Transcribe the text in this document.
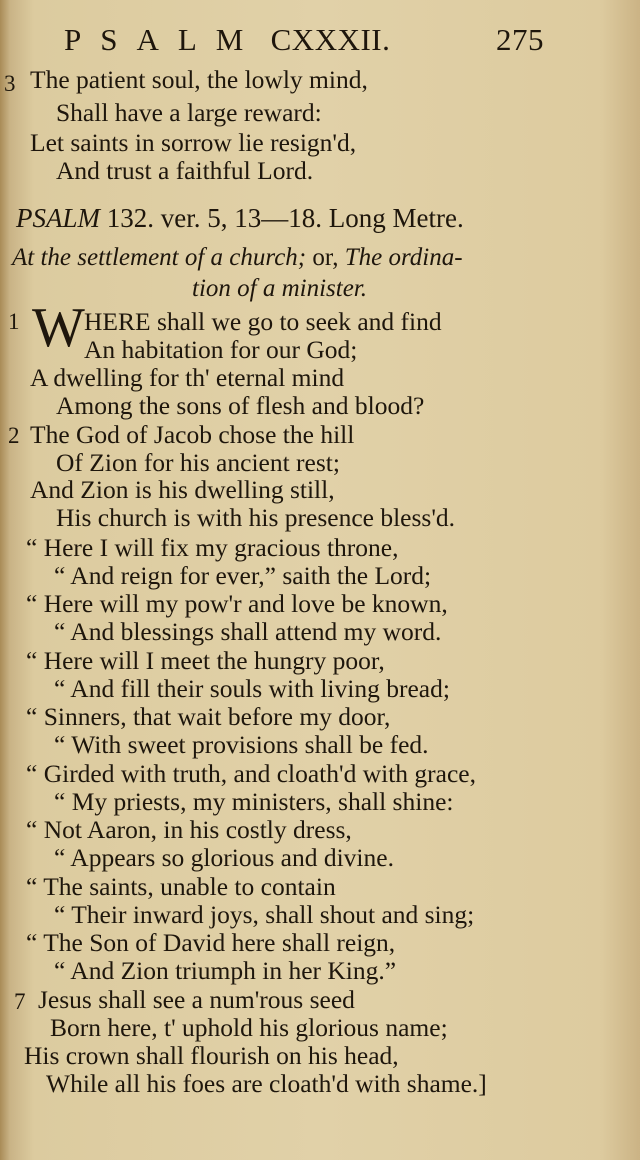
PSALM CXXXII.	275
3 The patient soul, the lowly mind,
Shall have a large reward:
Let saints in sorrow lie resign'd,
And trust a faithful Lord.
PSALM 132. ver. 5, 13—18. Long Metre.
At the settlement of a church; or, The ordina-
tion of a minister.
1 W HERE shall we go to seek and find
An habitation for our God;
A dwelling for th' eternal mind
Among the sons of flesh and blood?
2 The God of Jacob chose the hill
Of Zion for his ancient rest;
And Zion is his dwelling still,
His church is with his presence bless'd.
“ Here I will fix my gracious throne,
“ And reign for ever,” saith the Lord;
“ Here will my pow'r and love be known,
“ And blessings shall attend my word.
“ Here will I meet the hungry poor,
“ And fill their souls with living bread;
“ Sinners, that wait before my door,
“ With sweet provisions shall be fed.
“ Girded with truth, and cloath'd with grace,
“ My priests, my ministers, shall shine:
“ Not Aaron, in his costly dress,
“ Appears so glorious and divine.
“ The saints, unable to contain
“ Their inward joys, shall shout and sing;
“ The Son of David here shall reign,
“ And Zion triumph in her King.”
7 Jesus shall see a num'rous seed
Born here, t' uphold his glorious name;
His crown shall flourish on his head,
While all his foes are cloath'd with shame.]
